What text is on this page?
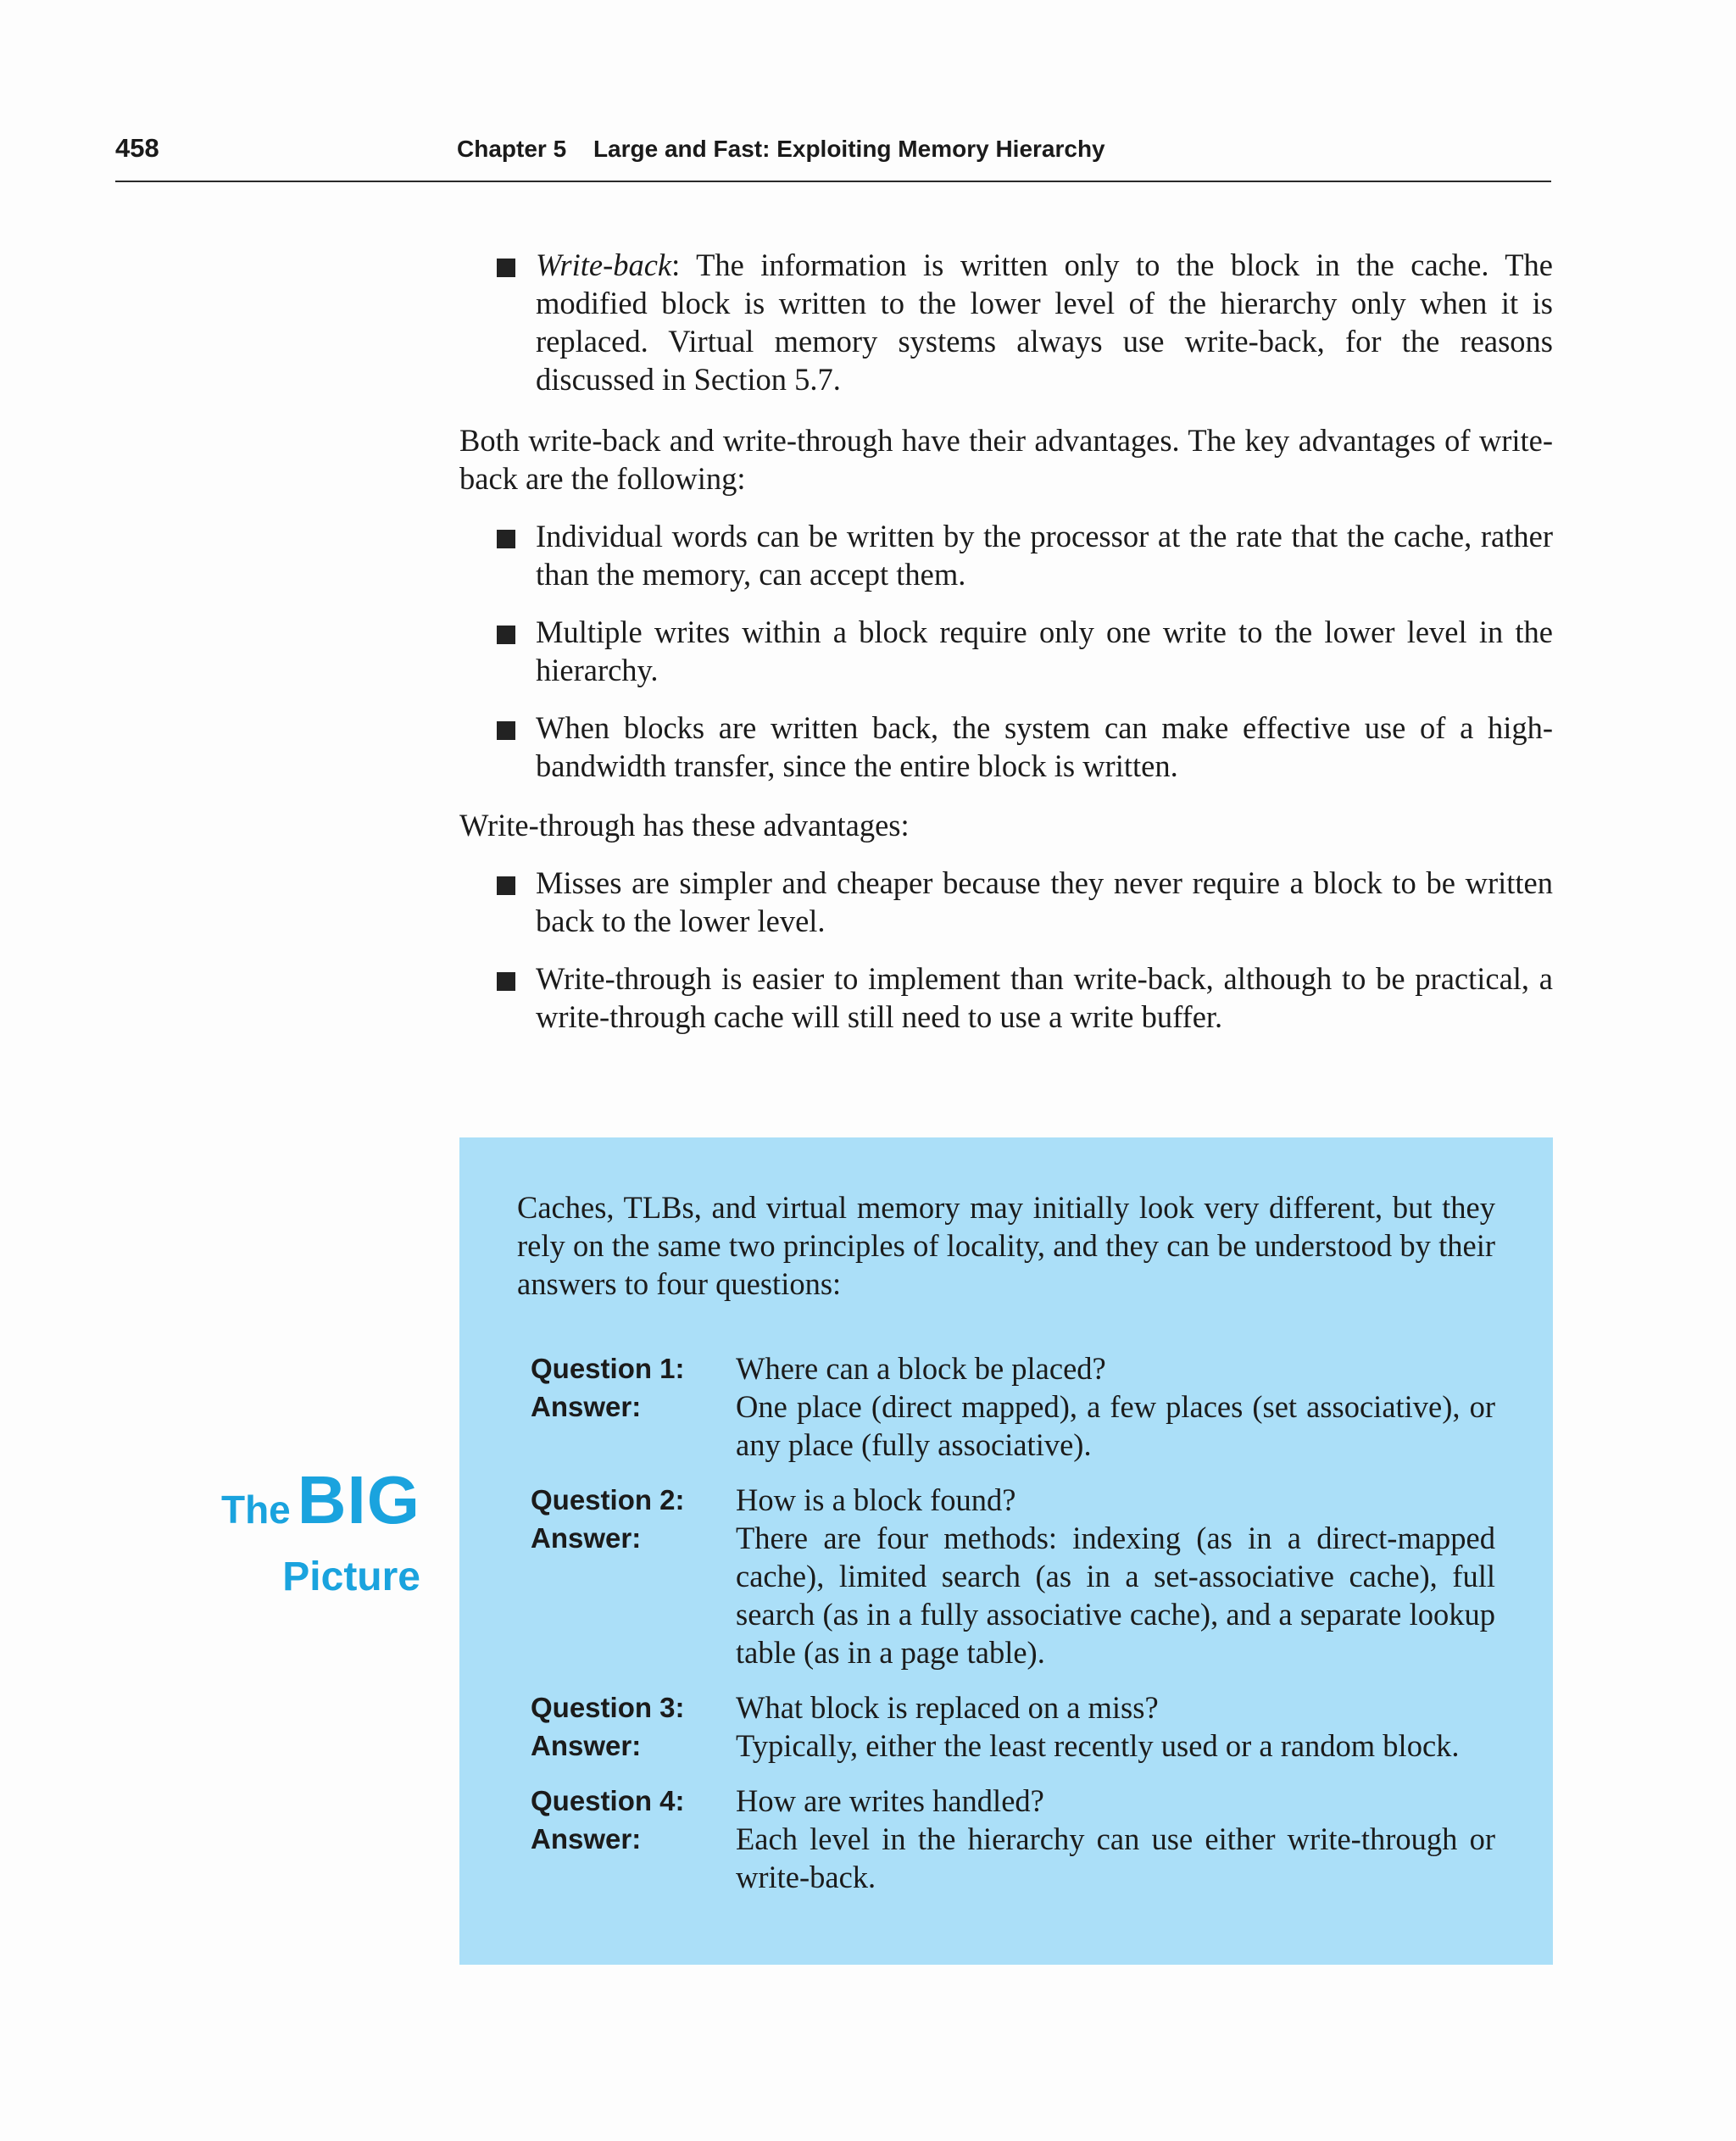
458	Chapter 5 Large and Fast: Exploiting Memory Hierarchy
Write-back: The information is written only to the block in the cache. The modified block is written to the lower level of the hierarchy only when it is replaced. Virtual memory systems always use write-back, for the reasons discussed in Section 5.7.

Both write-back and write-through have their advantages. The key advantages of write-back are the following:

Individual words can be written by the processor at the rate that the cache, rather than the memory, can accept them.
Multiple writes within a block require only one write to the lower level in the hierarchy.
When blocks are written back, the system can make effective use of a high-bandwidth transfer, since the entire block is written.

Write-through has these advantages:

Misses are simpler and cheaper because they never require a block to be written back to the lower level.
Write-through is easier to implement than write-back, although to be practical, a write-through cache will still need to use a write buffer.
The BIG
Picture

Caches, TLBs, and virtual memory may initially look very different, but they rely on the same two principles of locality, and they can be understood by their answers to four questions:

Question 1:
Answer:
Where can a block be placed?
One place (direct mapped), a few places (set associative), or any place (fully associative).
Question 2:
Answer:
How is a block found?
There are four methods: indexing (as in a direct-mapped cache), limited search (as in a set-associative cache), full search (as in a fully associative cache), and a separate lookup table (as in a page table).
Question 3:
Answer:
What block is replaced on a miss?
Typically, either the least recently used or a random block.
Question 4:
Answer:
How are writes handled?
Each level in the hierarchy can use either write-through or write-back.
